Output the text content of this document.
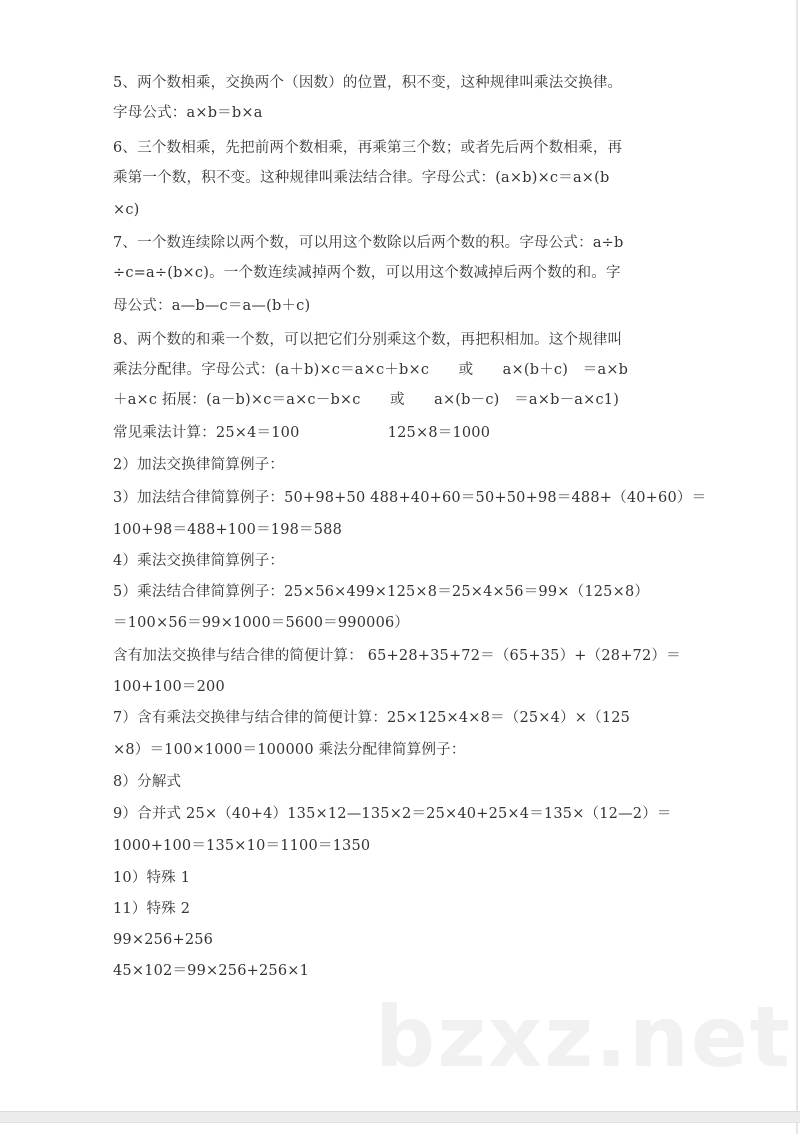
bzxz.net
5、两个数相乘，交换两个（因数）的位置，积不变，这种规律叫乘法交换律。
字母公式：a×b＝b×a
6、三个数相乘，先把前两个数相乘，再乘第三个数；或者先后两个数相乘，再
乘第一个数，积不变。这种规律叫乘法结合律。字母公式：(a×b)×c＝a×(b
×c)
7、一个数连续除以两个数，可以用这个数除以后两个数的积。字母公式：a÷b
÷c=a÷(b×c)。一个数连续减掉两个数，可以用这个数减掉后两个数的和。字
母公式：a—b—c＝a—(b＋c)
8、两个数的和乘一个数，可以把它们分别乘这个数，再把积相加。这个规律叫
乘法分配律。字母公式：(a＋b)×c＝a×c＋b×c　　或　　a×(b＋c)　＝a×b
＋a×c 拓展：(a－b)×c＝a×c－b×c　　或　　a×(b－c)　＝a×b－a×c1)
常见乘法计算：25×4＝100　　　　　　125×8＝1000
2）加法交换律简算例子：
3）加法结合律简算例子：50+98+50 488+40+60＝50+50+98＝488+（40+60）＝
100+98＝488+100＝198＝588
4）乘法交换律简算例子：
5）乘法结合律简算例子：25×56×499×125×8＝25×4×56＝99×（125×8）
＝100×56＝99×1000＝5600＝990006）
含有加法交换律与结合律的简便计算： 65+28+35+72＝（65+35）+（28+72）＝
100+100＝200
7）含有乘法交换律与结合律的简便计算：25×125×4×8＝（25×4）×（125
×8）＝100×1000＝100000 乘法分配律简算例子：
8）分解式
9）合并式 25×（40+4）135×12—135×2＝25×40+25×4＝135×（12—2）＝
1000+100＝135×10＝1100＝1350
10）特殊 1
11）特殊 2
99×256+256
45×102＝99×256+256×1
